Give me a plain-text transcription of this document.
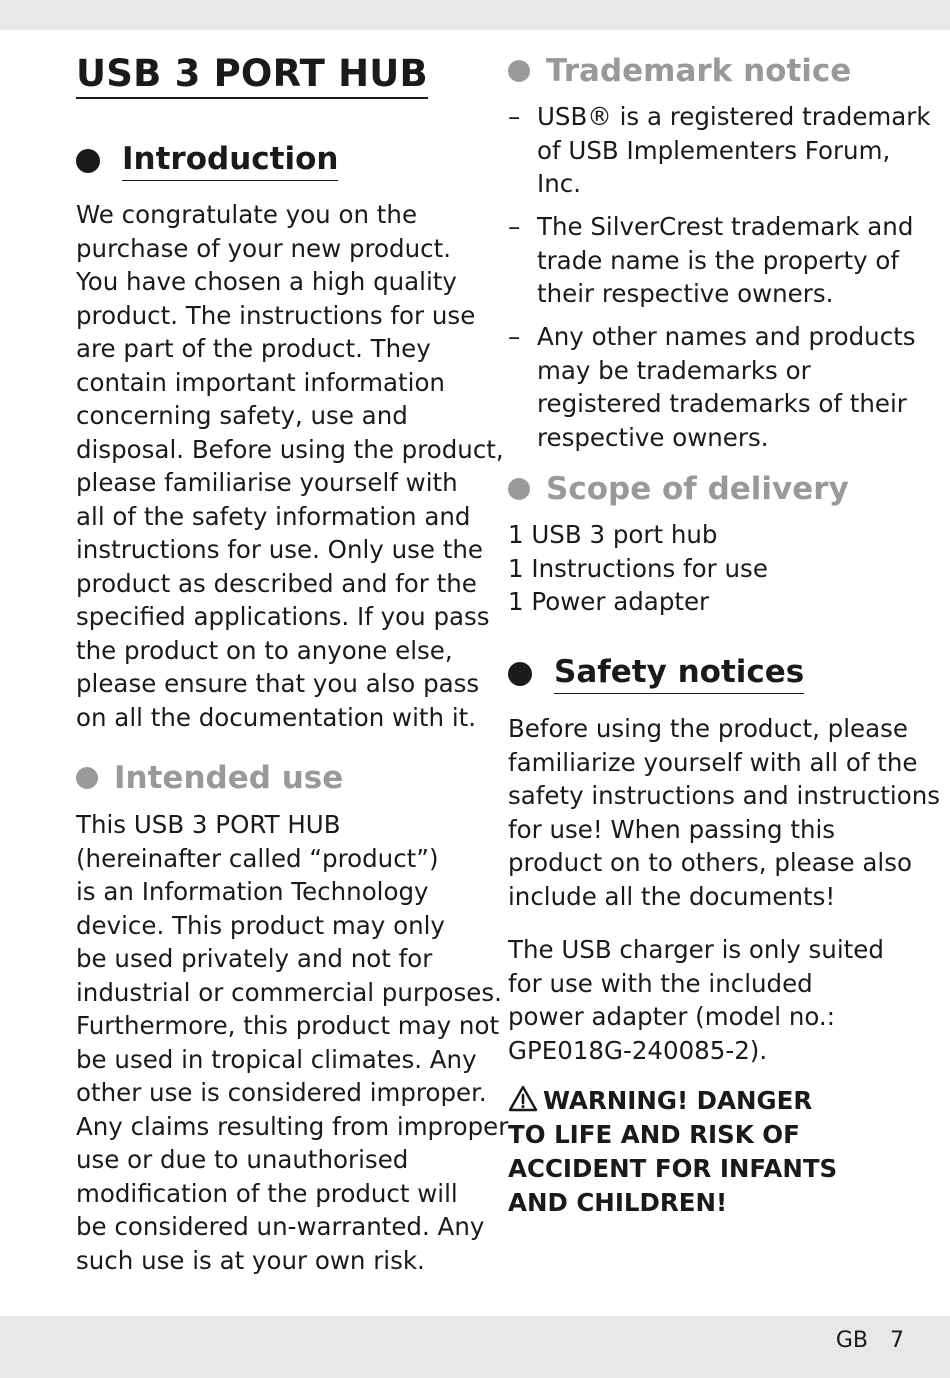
USB 3 PORT HUB
Introduction
We congratulate you on the
purchase of your new product.
You have chosen a high quality
product. The instructions for use
are part of the product. They
contain important information
concerning safety, use and
disposal. Before using the product,
please familiarise yourself with
all of the safety information and
instructions for use. Only use the
product as described and for the
specified applications. If you pass
the product on to anyone else,
please ensure that you also pass
on all the documentation with it.
Intended use
This USB 3 PORT HUB
(hereinafter called “product”)
is an Information Technology
device. This product may only
be used privately and not for
industrial or commercial purposes.
Furthermore, this product may not
be used in tropical climates. Any
other use is considered improper.
Any claims resulting from improper
use or due to unauthorised
modification of the product will
be considered un-warranted. Any
such use is at your own risk.
Trademark notice
– USB® is a registered trademark
of USB Implementers Forum,
Inc.
– The SilverCrest trademark and
trade name is the property of
their respective owners.
– Any other names and products
may be trademarks or
registered trademarks of their
respective owners.
Scope of delivery
1 USB 3 port hub
1 Instructions for use
1 Power adapter
Safety notices
Before using the product, please
familiarize yourself with all of the
safety instructions and instructions
for use! When passing this
product on to others, please also
include all the documents!
The USB charger is only suited
for use with the included
power adapter (model no.:
GPE018G-240085-2).
WARNING! DANGER
TO LIFE AND RISK OF
ACCIDENT FOR INFANTS
AND CHILDREN!
GB 7
